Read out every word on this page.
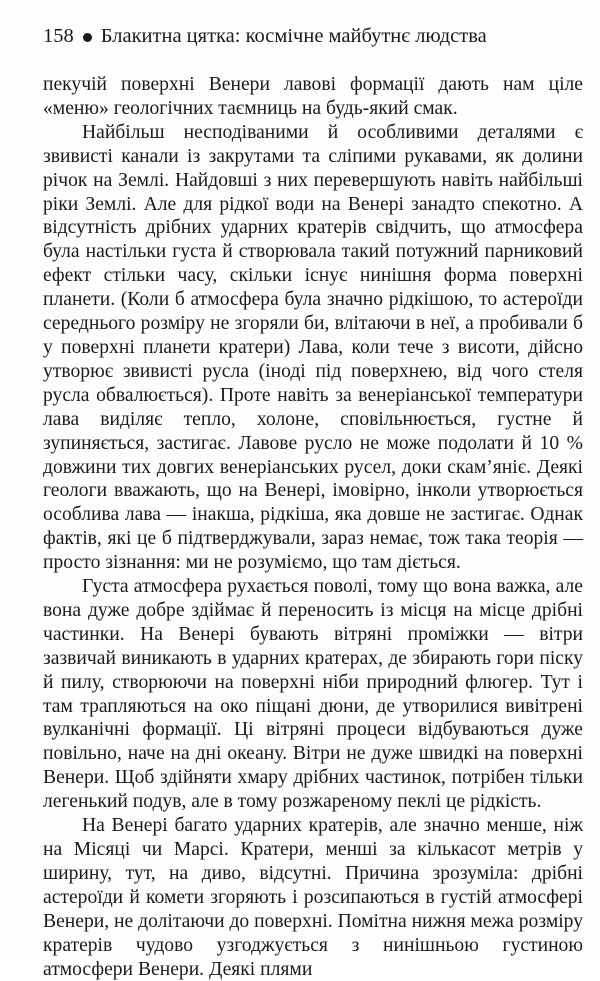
158 Блакитна цятка: космічне майбутнє людства

пекучій поверхні Венери лавові формації дають нам цілe «меню» геологічних таємниць на будь-який смак.

Найбільш несподіваними й особливими деталями є звивисті канали із закрутами та сліпими рукавами, як долини річок на Землі. Найдовші з них перевершують навіть найбільші ріки Землі. Але для рідкої води на Венері занадто спекотно. А відсутність дрібних ударних кратерів свідчить, що атмосфера була настільки густа й створювала такий потужний парниковий ефект стільки часу, скільки існує нинішня форма поверхні планети. (Коли б атмосфера була значно рідкішою, то астероїди середнього розміру не згоряли би, влітаючи в неї, а пробивали б у поверхні планети кратери) Лава, коли тече з висоти, дійсно утворює звивисті русла (іноді під поверхнею, від чого стеля русла обвалюється). Проте навіть за венеріанської температури лава виділяє тепло, холоне, сповільнюється, густне й зупиняється, застигає. Лавове русло не може подолати й 10 % довжини тих довгих венеріанських русел, доки скам’яніє. Деякі геологи вважають, що на Венері, імовірно, інколи утворюється особлива лава — інакша, рідкіша, яка довше не застигає. Однак фактів, які це б підтверджували, зараз немає, тож така теорія — просто зізнання: ми не розуміємо, що там діється.

Густа атмосфера рухається поволі, тому що вона важка, але вона дуже добре здіймає й переносить із місця на місце дрібні частинки. На Венері бувають вітряні проміжки — вітри зазвичай виникають в ударних кратерах, де збирають гори піску й пилу, створюючи на поверхні ніби природний флюгер. Тут і там трапляються на око піщані дюни, де утворилися вивітрені вулканічні формації. Ці вітряні процеси відбуваються дуже повільно, наче на дні океану. Вітри не дуже швидкі на поверхні Венери. Щоб здійняти хмару дрібних частинок, потрібен тільки легенький подув, але в тому розжареному пеклі це рідкість.

На Венері багато ударних кратерів, але значно менше, ніж на Місяці чи Марсі. Кратери, менші за кількасот метрів у ширину, тут, на диво, відсутні. Причина зрозуміла: дрібні астероїди й комети згоряють і розсипаються в густій атмосфері Венери, не долітаючи до поверхні. Помітна нижня межа розміру кратерів чудово узгоджується з нинішньою густиною атмосфери Венери. Деякі плями
